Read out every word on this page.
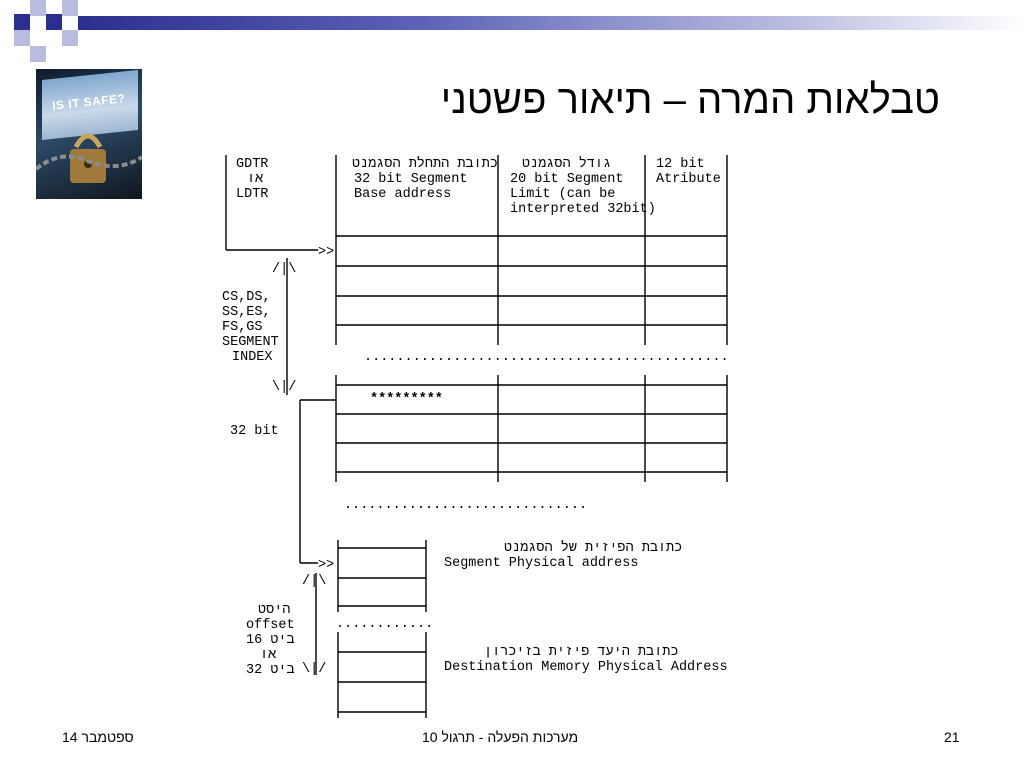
טבלאות המרה – תיאור פשטני
IS IT SAFE?
GDTR
או
LDTR
כתובת התחלת הסגמנט
32 bit Segment
Base address
גודל הסגמנט
20 bit Segment
Limit (can be
interpreted 32bit)
12 bit
Atribute
>>
>>
/|\
\|/
/|\
\|/
CS,DS,
SS,ES,
FS,GS
SEGMENT
INDEX
32 bit
.............................................
*********
..............................
............
כתובת הפיזית של הסגמנט
Segment Physical address
היסט
offset
16 ביט
או
32 ביט
כתובת היעד פיזית בזיכרון
Destination Memory Physical Address
ספטמבר 14	מערכות הפעלה - תרגול 10	21
